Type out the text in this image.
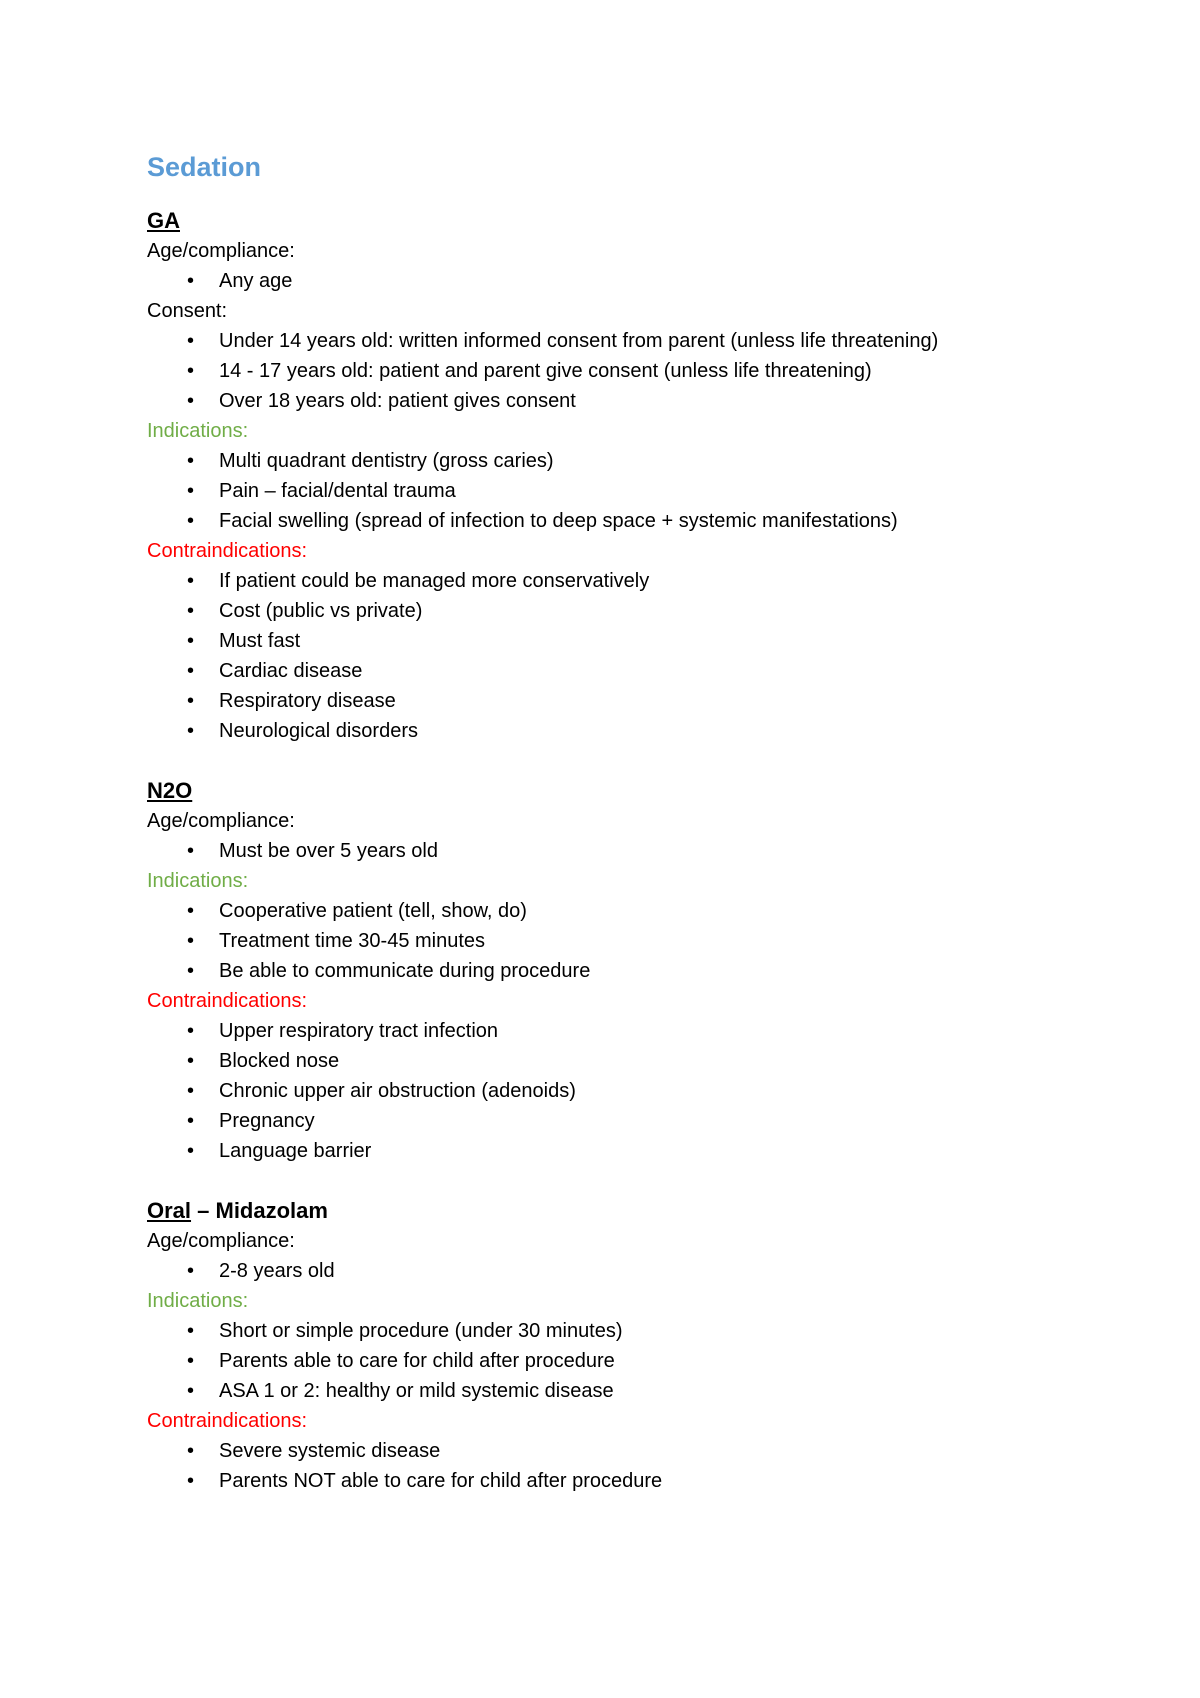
Sedation
GA
Age/compliance:
• Any age
Consent:
• Under 14 years old: written informed consent from parent (unless life threatening)
• 14 - 17 years old: patient and parent give consent (unless life threatening)
• Over 18 years old: patient gives consent
Indications:
• Multi quadrant dentistry (gross caries)
• Pain – facial/dental trauma
• Facial swelling (spread of infection to deep space + systemic manifestations)
Contraindications:
• If patient could be managed more conservatively
• Cost (public vs private)
• Must fast
• Cardiac disease
• Respiratory disease
• Neurological disorders
N2O
Age/compliance:
• Must be over 5 years old
Indications:
• Cooperative patient (tell, show, do)
• Treatment time 30-45 minutes
• Be able to communicate during procedure
Contraindications:
• Upper respiratory tract infection
• Blocked nose
• Chronic upper air obstruction (adenoids)
• Pregnancy
• Language barrier
Oral – Midazolam
Age/compliance:
• 2-8 years old
Indications:
• Short or simple procedure (under 30 minutes)
• Parents able to care for child after procedure
• ASA 1 or 2: healthy or mild systemic disease
Contraindications:
• Severe systemic disease
• Parents NOT able to care for child after procedure
